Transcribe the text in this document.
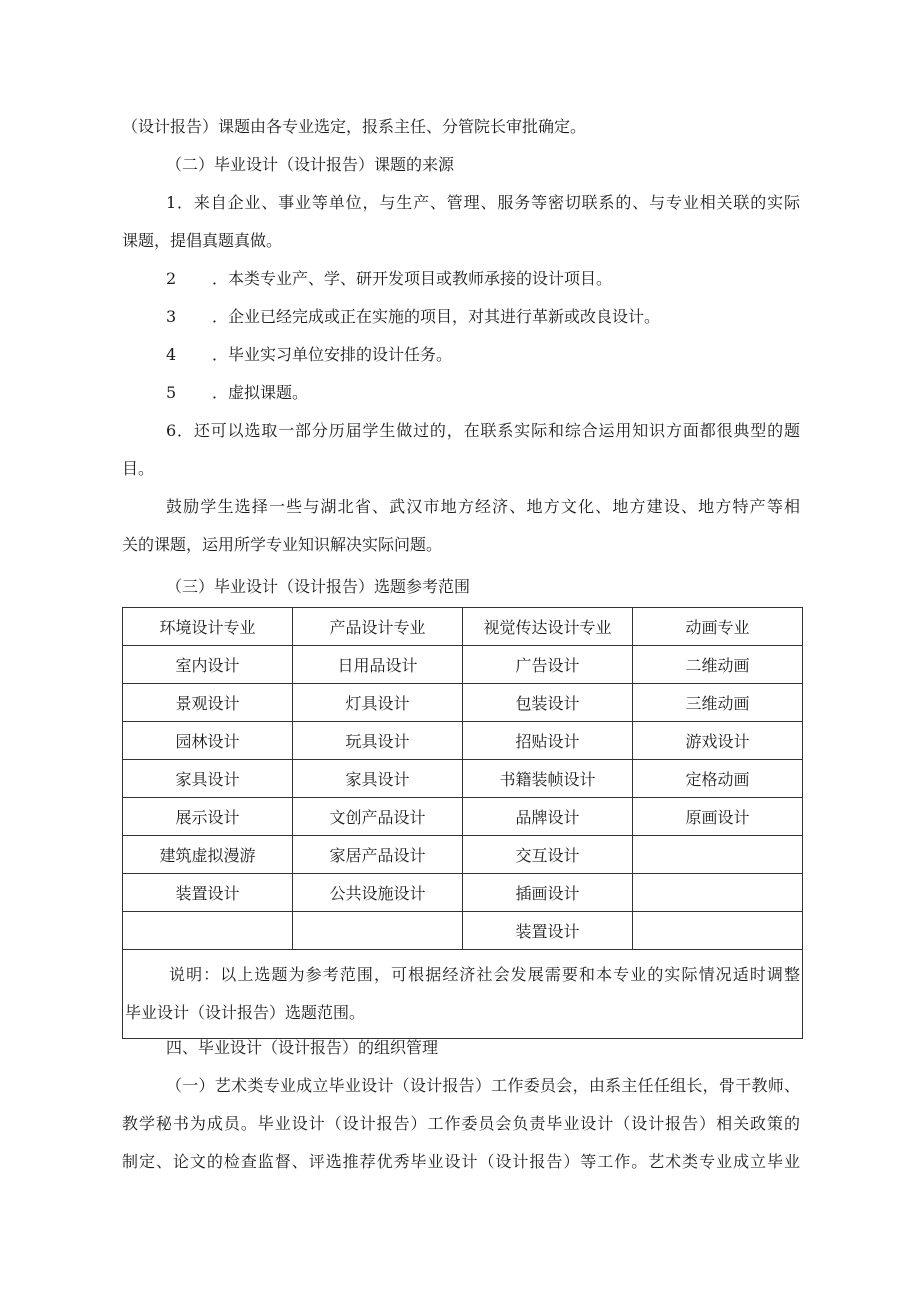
（设计报告）课题由各专业选定，报系主任、分管院长审批确定。
（二）毕业设计（设计报告）课题的来源
1．来自企业、事业等单位，与生产、管理、服务等密切联系的、与专业相关联的实际
课题，提倡真题真做。
2 ．本类专业产、学、研开发项目或教师承接的设计项目。
3 ．企业已经完成或正在实施的项目，对其进行革新或改良设计。
4 ．毕业实习单位安排的设计任务。
5 ．虚拟课题。
6．还可以选取一部分历届学生做过的，在联系实际和综合运用知识方面都很典型的题
目。
鼓励学生选择一些与湖北省、武汉市地方经济、地方文化、地方建设、地方特产等相
关的课题，运用所学专业知识解决实际问题。
（三）毕业设计（设计报告）选题参考范围
环境设计专业	产品设计专业	视觉传达设计专业	动画专业
室内设计	日用品设计	广告设计	二维动画
景观设计	灯具设计	包装设计	三维动画
园林设计	玩具设计	招贴设计	游戏设计
家具设计	家具设计	书籍装帧设计	定格动画
展示设计	文创产品设计	品牌设计	原画设计
建筑虚拟漫游	家居产品设计	交互设计	
装置设计	公共设施设计	插画设计	
		装置设计	

说明：以上选题为参考范围，可根据经济社会发展需要和本专业的实际情况适时调整
毕业设计（设计报告）选题范围。			
四、毕业设计（设计报告）的组织管理
（一）艺术类专业成立毕业设计（设计报告）工作委员会，由系主任任组长，骨干教师、
教学秘书为成员。毕业设计（设计报告）工作委员会负责毕业设计（设计报告）相关政策的
制定、论文的检查监督、评选推荐优秀毕业设计（设计报告）等工作。艺术类专业成立毕业
